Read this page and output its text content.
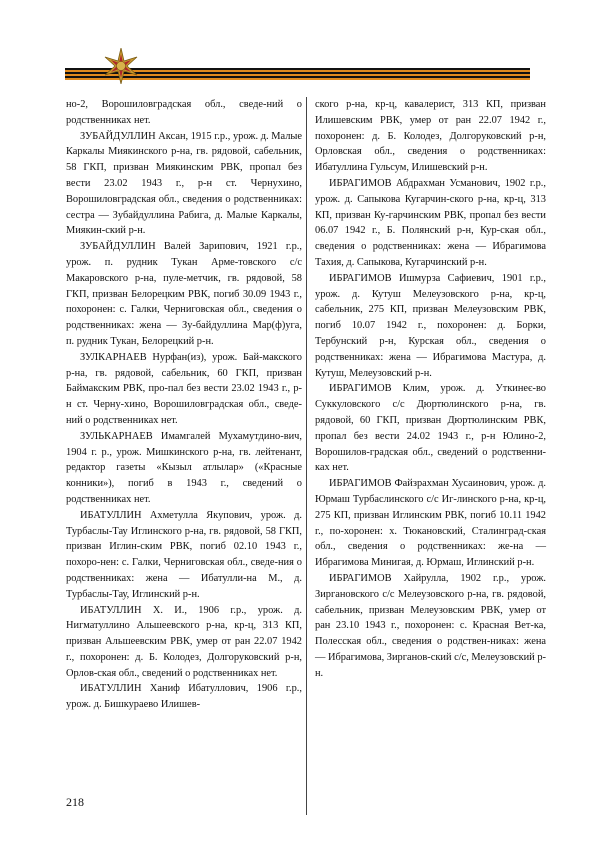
но-2, Ворошиловградская обл., сведе-ний о родственниках нет.

ЗУБАЙДУЛЛИН Аксан, 1915 г.р., урож. д. Малые Каркалы Миякинского р-на, гв. рядовой, сабельник, 58 ГКП, призван Миякинским РВК, пропал без вести 23.02 1943 г., р-н ст. Чернухино, Ворошиловградская обл., сведения о родственниках: сестра — Зубайдуллина Рабига, д. Малые Каркалы, Миякин-ский р-н.

ЗУБАЙДУЛЛИН Валей Зарипович, 1921 г.р., урож. п. рудник Тукан Арме-товского с/с Макаровского р-на, пуле-метчик, гв. рядовой, 58 ГКП, призван Белорецким РВК, погиб 30.09 1943 г., похоронен: с. Галки, Черниговская обл., сведения о родственниках: жена — Зу-байдуллина Мар(ф)уга, п. рудник Тукан, Белорецкий р-н.

ЗУЛКАРНАЕВ Нурфан(из), урож. Бай-макского р-на, гв. рядовой, сабельник, 60 ГКП, призван Баймакским РВК, про-пал без вести 23.02 1943 г., р-н ст. Черну-хино, Ворошиловградская обл., сведе-ний о родственниках нет.

ЗУЛЬКАРНАЕВ Имамгалей Мухамутдино-вич, 1904 г. р., урож. Мишкинского р-на, гв. лейтенант, редактор газеты «Кызыл атлылар» («Красные конники»), погиб в 1943 г., сведений о родственниках нет.

ИБАТУЛЛИН Ахметулла Якупович, урож. д. Турбаслы-Тау Иглинского р-на, гв. рядовой, 58 ГКП, призван Иглин-ским РВК, погиб 02.10 1943 г., похоро-нен: с. Галки, Черниговская обл., сведе-ния о родственниках: жена — Ибатулли-на М., д. Турбаслы-Тау, Иглинский р-н.

ИБАТУЛЛИН Х. И., 1906 г.р., урож. д. Нигматуллино Альшеевского р-на, кр-ц, 313 КП, призван Альшеевским РВК, умер от ран 22.07 1942 г., похоронен: д. Б. Колодез, Долгоруковский р-н, Орлов-ская обл., сведений о родственниках нет.

ИБАТУЛЛИН Ханиф Ибатуллович, 1906 г.р., урож. д. Бишкураево Илишев-

ского р-на, кр-ц, кавалерист, 313 КП, призван Илишевским РВК, умер от ран 22.07 1942 г., похоронен: д. Б. Колодез, Долгоруковский р-н, Орловская обл., сведения о родственниках: Ибатуллина Гульсум, Илишевский р-н.

ИБРАГИМОВ Абдрахман Усманович, 1902 г.р., урож. д. Сапыкова Кугарчин-ского р-на, кр-ц, 313 КП, призван Ку-гарчинским РВК, пропал без вести 06.07 1942 г., Б. Полянский р-н, Кур-ская обл., сведения о родственниках: жена — Ибрагимова Тахия, д. Сапыкова, Кугарчинский р-н.

ИБРАГИМОВ Ишмурза Сафиевич, 1901 г.р., урож. д. Кутуш Мелеузовского р-на, кр-ц, сабельник, 275 КП, призван Мелеузовским РВК, погиб 10.07 1942 г., похоронен: д. Борки, Тербунский р-н, Курская обл., сведения о родственниках: жена — Ибрагимова Мастура, д. Кутуш, Мелеузовский р-н.

ИБРАГИМОВ Клим, урож. д. Уткинеє-во Суккуловского с/с Дюртюлинского р-на, гв. рядовой, 60 ГКП, призван Дюртюлинским РВК, пропал без вести 24.02 1943 г., р-н Юлино-2, Ворошилов-градская обл., сведений о родственни-ках нет.

ИБРАГИМОВ Файзрахман Хусаинович, урож. д. Юрмаш Турбаслинского с/с Иг-линского р-на, кр-ц, 275 КП, призван Иглинским РВК, погиб 10.11 1942 г., по-хоронен: х. Тюкановский, Сталинград-ская обл., сведения о родственниках: же-на — Ибрагимова Минигая, д. Юрмаш, Иглинский р-н.

ИБРАГИМОВ Хайрулла, 1902 г.р., урож. Зиргановского с/с Мелеузовского р-на, гв. рядовой, сабельник, призван Мелеузовским РВК, умер от ран 23.10 1943 г., похоронен: с. Красная Вет-ка, Полесская обл., сведения о родствен-никах: жена — Ибрагимова, Зирганов-ский с/с, Мелеузовский р-н.

218
